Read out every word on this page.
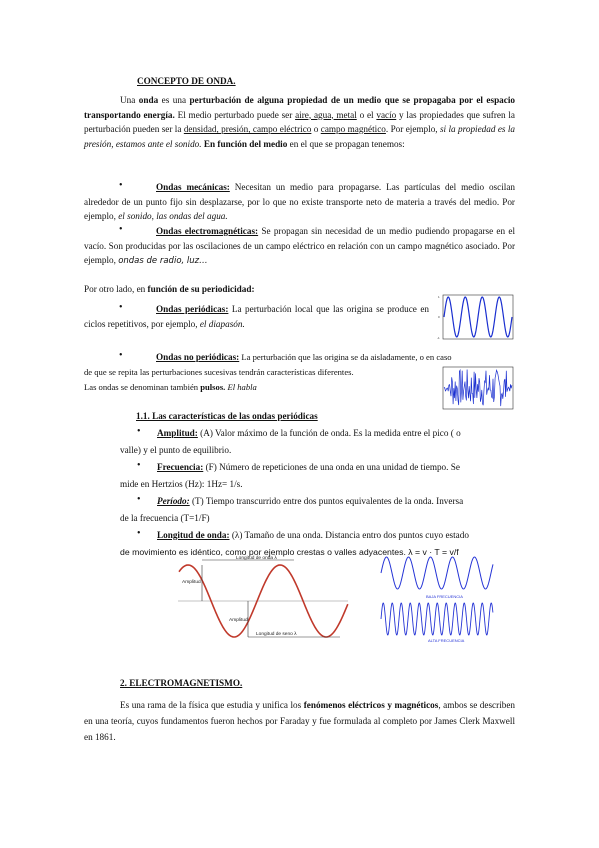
CONCEPTO DE ONDA.
Una onda es una perturbación de alguna propiedad de un medio que se propagaba por el espacio transportando energía. El medio perturbado puede ser aire, agua, metal o el vacío y las propiedades que sufren la perturbación pueden ser la densidad, presión, campo eléctrico o campo magnético. Por ejemplo, si la propiedad es la presión, estamos ante el sonido. En función del medio en el que se propagan tenemos:
•	Ondas mecánicas: Necesitan un medio para propagarse. Las partículas del medio oscilan alrededor de un punto fijo sin desplazarse, por lo que no existe transporte neto de materia a través del medio. Por ejemplo, el sonido, las ondas del agua.
•	Ondas electromagnéticas: Se propagan sin necesidad de un medio pudiendo propagarse en el vacío. Son producidas por las oscilaciones de un campo eléctrico en relación con un campo magnético asociado. Por ejemplo, ondas de radio, luz…
Por otro lado, en función de su periodicidad:
•	Ondas periódicas: La perturbación local que las origina se produce en ciclos repetitivos, por ejemplo, el diapasón.
1
0
-1
•	Ondas no periódicas: La perturbación que las origina se da aisladamente, o en caso
de que se repita las perturbaciones sucesivas tendrán características diferentes.
Las ondas se denominan también pulsos. El habla
1.1. Las características de las ondas periódicas
• Amplitud: (A) Valor máximo de la función de onda. Es la medida entre el pico ( o
valle) y el punto de equilibrio.
• Frecuencia: (F) Número de repeticiones de una onda en una unidad de tiempo. Se
mide en Hertzios (Hz): 1Hz= 1/s.
• Período: (T) Tiempo transcurrido entre dos puntos equivalentes de la onda. Inversa
de la frecuencia (T=1/F)
• Longitud de onda: (λ) Tamaño de una onda. Distancia entro dos puntos cuyo estado
de movimiento es idéntico, como por ejemplo crestas o valles adyacentes. λ = v · T = v/f
Longitud de onda λ
Amplitud
Amplitud
Longitud de seno λ
BAJA FRECUENCIA
ALTA FRECUENCIA
2. ELECTROMAGNETISMO.
Es una rama de la física que estudia y unifica los fenómenos eléctricos y magnéticos, ambos se describen en una teoría, cuyos fundamentos fueron hechos por Faraday y fue formulada al completo por James Clerk Maxwell en 1861.
